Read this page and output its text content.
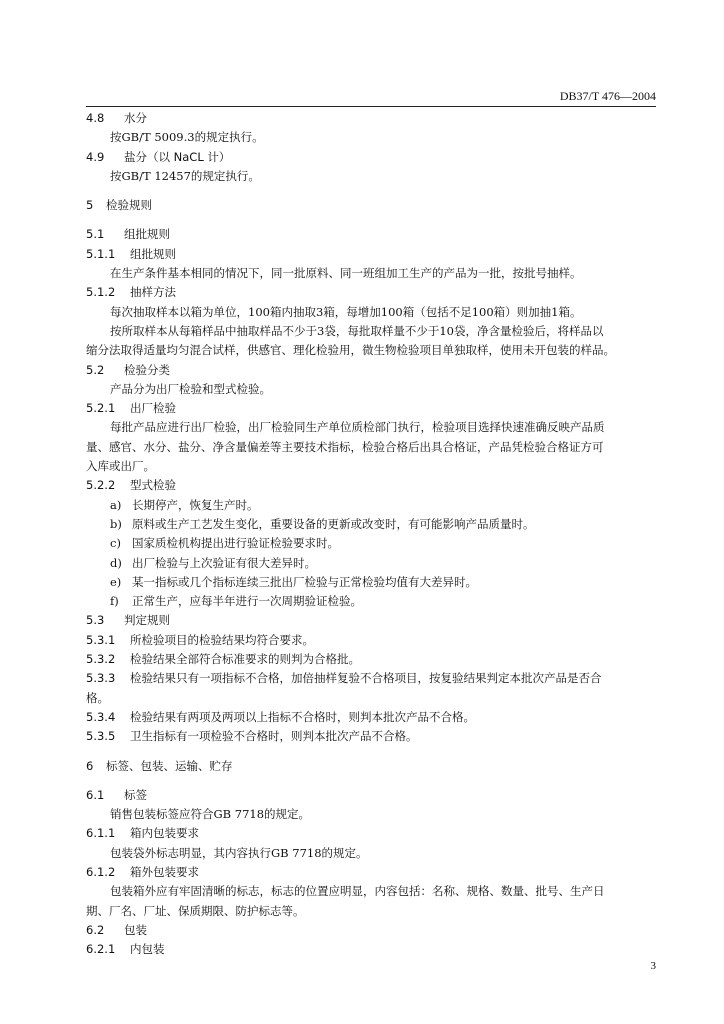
DB37/T 476—2004
4.8 水分
按GB/T 5009.3的规定执行。
4.9 盐分（以 NaCL 计）
按GB/T 12457的规定执行。
5 检验规则
5.1 组批规则
5.1.1 组批规则
在生产条件基本相同的情况下，同一批原料、同一班组加工生产的产品为一批，按批号抽样。
5.1.2 抽样方法
每次抽取样本以箱为单位，100箱内抽取3箱，每增加100箱（包括不足100箱）则加抽1箱。
按所取样本从每箱样品中抽取样品不少于3袋，每批取样量不少于10袋，净含量检验后，将样品以
缩分法取得适量均匀混合试样，供感官、理化检验用，微生物检验项目单独取样，使用未开包装的样品。
5.2 检验分类
产品分为出厂检验和型式检验。
5.2.1 出厂检验
每批产品应进行出厂检验，出厂检验同生产单位质检部门执行，检验项目选择快速准确反映产品质
量、感官、水分、盐分、净含量偏差等主要技术指标，检验合格后出具合格证，产品凭检验合格证方可
入库或出厂。
5.2.2 型式检验
a) 长期停产，恢复生产时。
b) 原料或生产工艺发生变化，重要设备的更新或改变时，有可能影响产品质量时。
c) 国家质检机构提出进行验证检验要求时。
d) 出厂检验与上次验证有很大差异时。
e) 某一指标或几个指标连续三批出厂检验与正常检验均值有大差异时。
f) 正常生产，应每半年进行一次周期验证检验。
5.3 判定规则
5.3.1 所检验项目的检验结果均符合要求。
5.3.2 检验结果全部符合标准要求的则判为合格批。
5.3.3 检验结果只有一项指标不合格，加倍抽样复验不合格项目，按复验结果判定本批次产品是否合
格。
5.3.4 检验结果有两项及两项以上指标不合格时，则判本批次产品不合格。
5.3.5 卫生指标有一项检验不合格时，则判本批次产品不合格。
6 标签、包装、运输、贮存
6.1 标签
销售包装标签应符合GB 7718的规定。
6.1.1 箱内包装要求
包装袋外标志明显，其内容执行GB 7718的规定。
6.1.2 箱外包装要求
包装箱外应有牢固清晰的标志，标志的位置应明显，内容包括：名称、规格、数量、批号、生产日
期、厂名、厂址、保质期限、防护标志等。
6.2 包装
6.2.1 内包装
3
